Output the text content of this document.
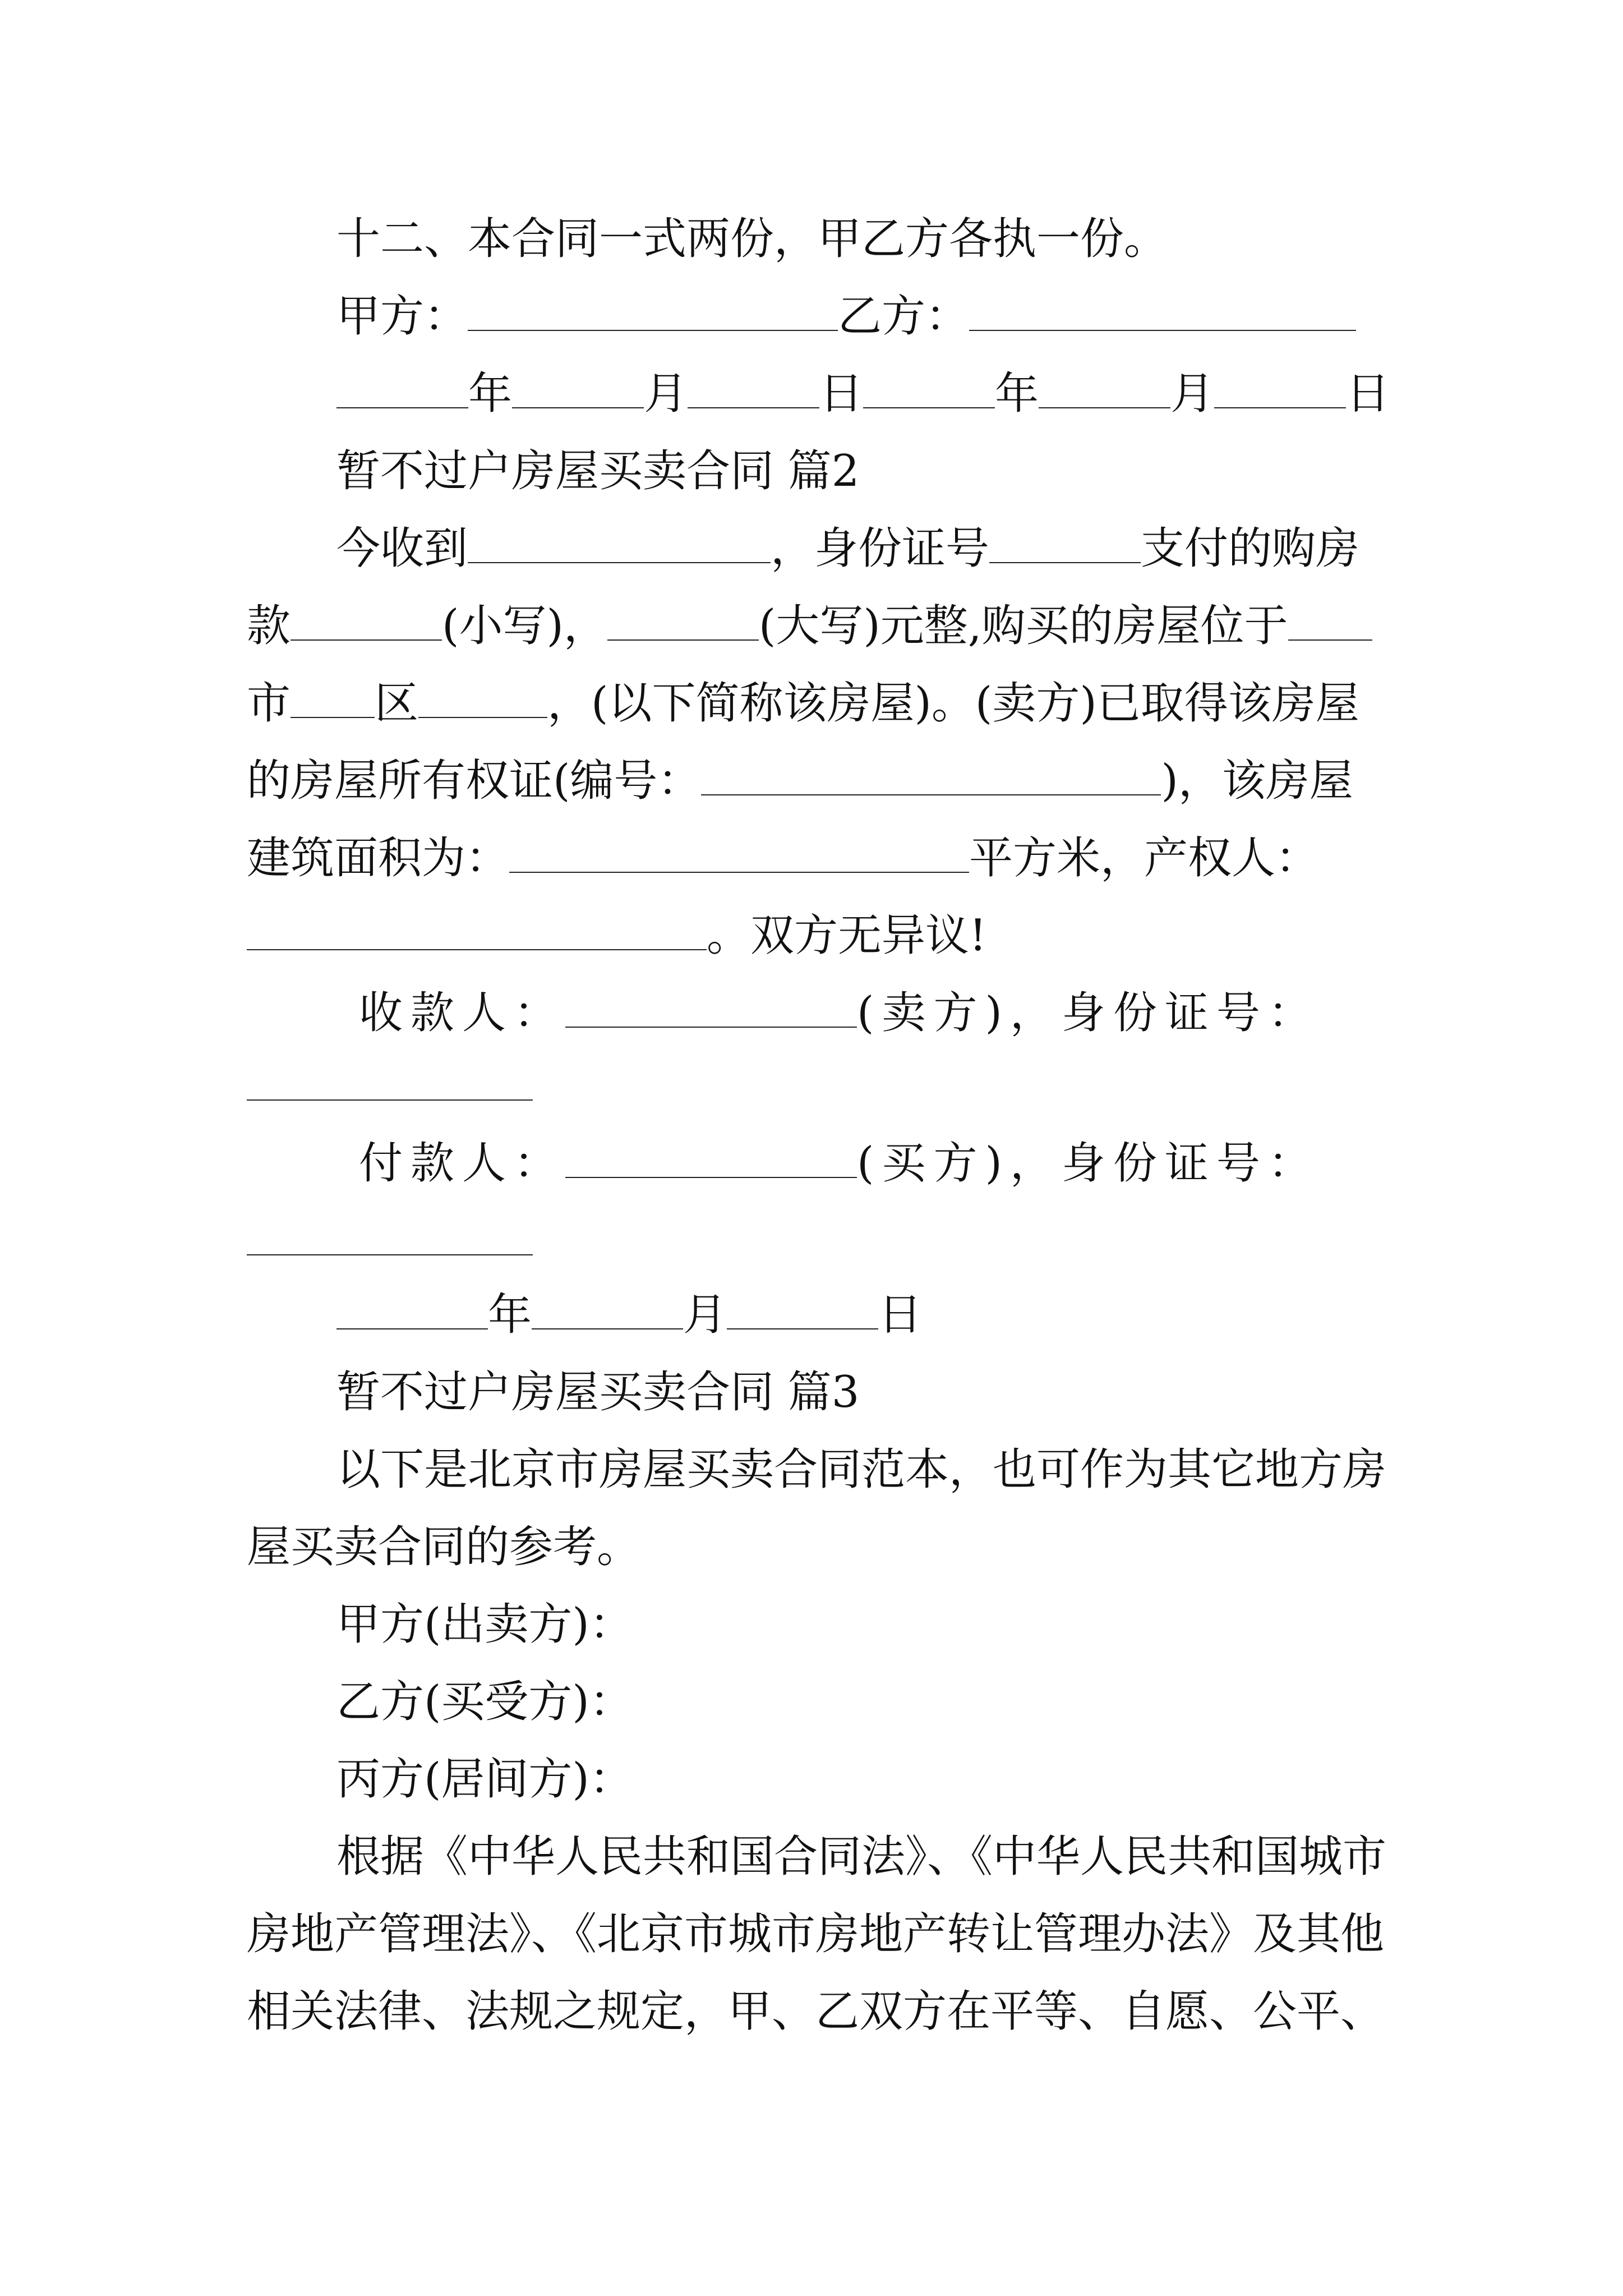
十二、本合同一式两份，甲乙方各执一份。
甲方：	乙方：
年	月	日	年	月	日
暂不过户房屋买卖合同 篇2
今收到	，身份证号	支付的购房
款	(小写)，	(大写)元整,购买的房屋位于
市 区	，(以下简称该房屋)。(卖方)已取得该房屋
的房屋所有权证(编号：	)，该房屋
建筑面积为：	平方米，产权人：
。双方无异议!
收款人：	(卖方)，身份证号：
付款人：	(买方)，身份证号：
年	月	日
暂不过户房屋买卖合同 篇3
以下是北京市房屋买卖合同范本，也可作为其它地方房
屋买卖合同的参考。
甲方(出卖方)：
乙方(买受方)：
丙方(居间方)：
根据《中华人民共和国合同法》、《中华人民共和国城市
房地产管理法》、《北京市城市房地产转让管理办法》及其他
相关法律、法规之规定，甲、乙双方在平等、自愿、公平、
